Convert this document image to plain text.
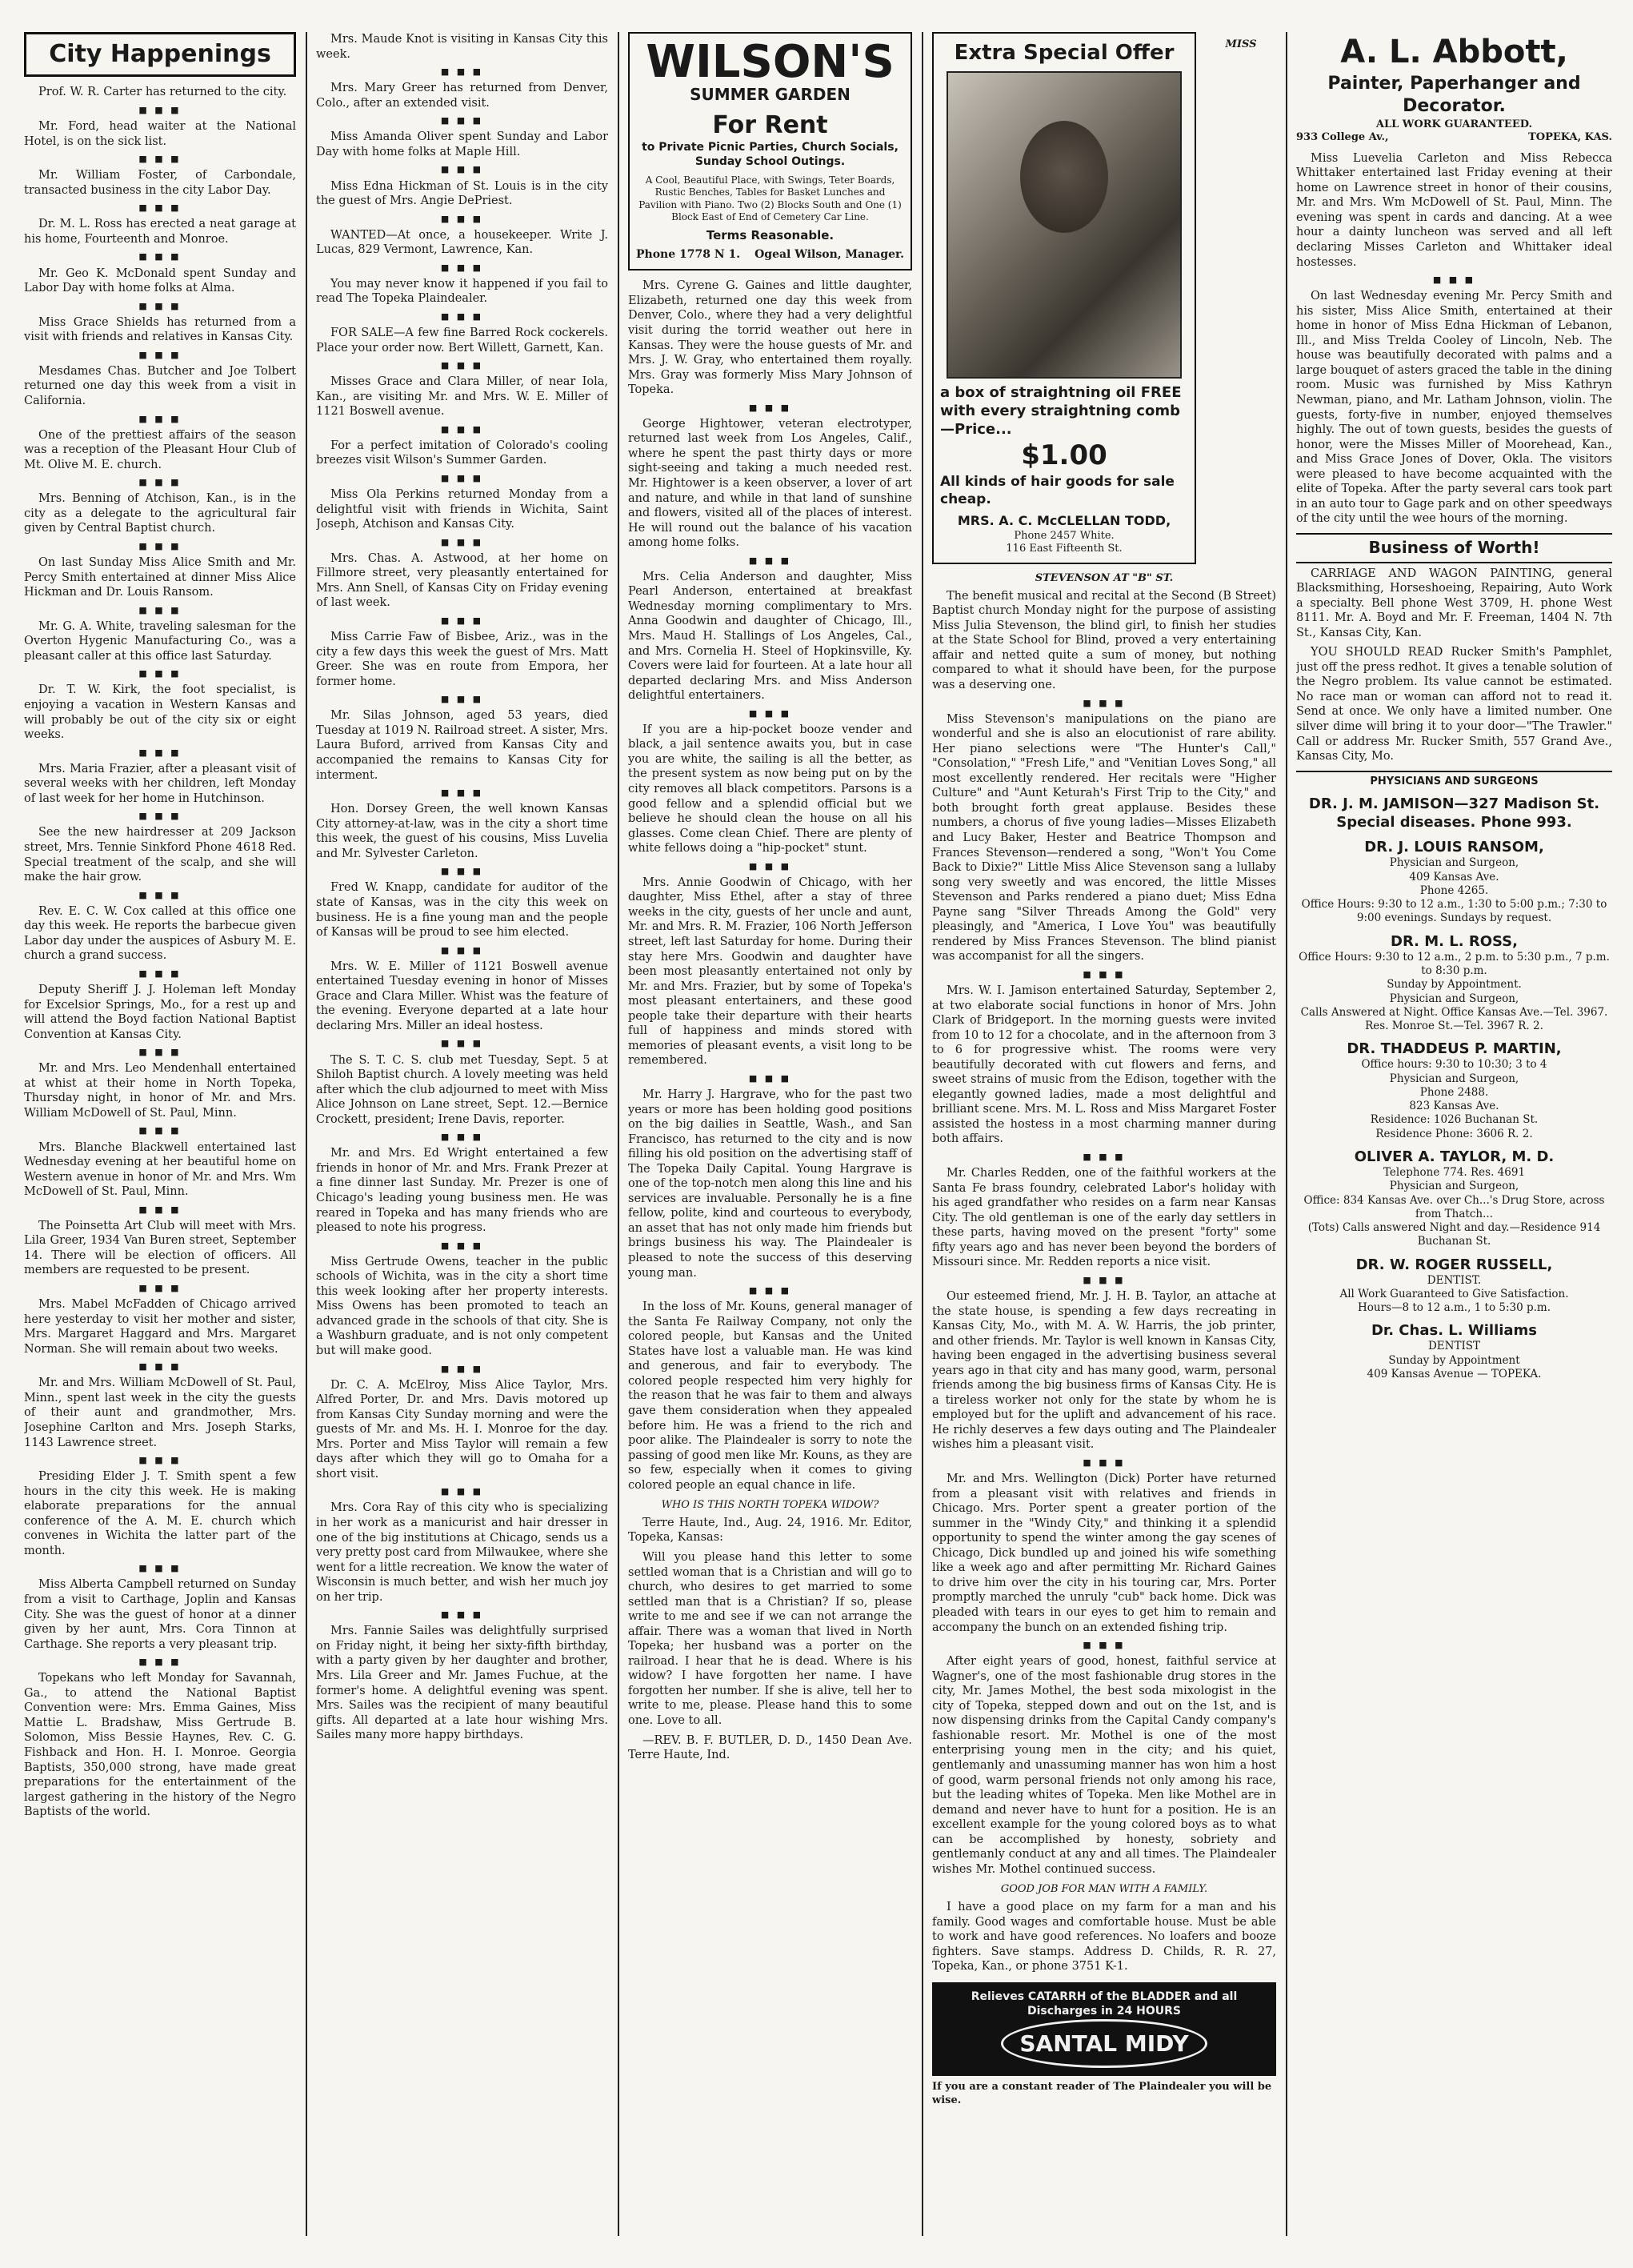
City Happenings

Prof. W. R. Carter has returned to the city.

■ ■ ■

Mr. Ford, head waiter at the National Hotel, is on the sick list.

■ ■ ■

Mr. William Foster, of Carbondale, transacted business in the city Labor Day.

■ ■ ■

Dr. M. L. Ross has erected a neat garage at his home, Fourteenth and Monroe.

■ ■ ■

Mr. Geo K. McDonald spent Sunday and Labor Day with home folks at Alma.

■ ■ ■

Miss Grace Shields has returned from a visit with friends and relatives in Kansas City.

■ ■ ■

Mesdames Chas. Butcher and Joe Tolbert returned one day this week from a visit in California.

■ ■ ■

One of the prettiest affairs of the season was a reception of the Pleasant Hour Club of Mt. Olive M. E. church.

■ ■ ■

Mrs. Benning of Atchison, Kan., is in the city as a delegate to the agricultural fair given by Central Baptist church.

■ ■ ■

On last Sunday Miss Alice Smith and Mr. Percy Smith entertained at dinner Miss Alice Hickman and Dr. Louis Ransom.

■ ■ ■

Mr. G. A. White, traveling salesman for the Overton Hygenic Manufacturing Co., was a pleasant caller at this office last Saturday.

■ ■ ■

Dr. T. W. Kirk, the foot specialist, is enjoying a vacation in Western Kansas and will probably be out of the city six or eight weeks.

■ ■ ■

Mrs. Maria Frazier, after a pleasant visit of several weeks with her children, left Monday of last week for her home in Hutchinson.

■ ■ ■

See the new hairdresser at 209 Jackson street, Mrs. Tennie Sinkford Phone 4618 Red. Special treatment of the scalp, and she will make the hair grow.

■ ■ ■

Rev. E. C. W. Cox called at this office one day this week. He reports the barbecue given Labor day under the auspices of Asbury M. E. church a grand success.

■ ■ ■

Deputy Sheriff J. J. Holeman left Monday for Excelsior Springs, Mo., for a rest up and will attend the Boyd faction National Baptist Convention at Kansas City.

■ ■ ■

Mr. and Mrs. Leo Mendenhall entertained at whist at their home in North Topeka, Thursday night, in honor of Mr. and Mrs. William McDowell of St. Paul, Minn.

■ ■ ■

Mrs. Blanche Blackwell entertained last Wednesday evening at her beautiful home on Western avenue in honor of Mr. and Mrs. Wm McDowell of St. Paul, Minn.

■ ■ ■

The Poinsetta Art Club will meet with Mrs. Lila Greer, 1934 Van Buren street, September 14. There will be election of officers. All members are requested to be present.

■ ■ ■

Mrs. Mabel McFadden of Chicago arrived here yesterday to visit her mother and sister, Mrs. Margaret Haggard and Mrs. Margaret Norman. She will remain about two weeks.

■ ■ ■

Mr. and Mrs. William McDowell of St. Paul, Minn., spent last week in the city the guests of their aunt and grandmother, Mrs. Josephine Carlton and Mrs. Joseph Starks, 1143 Lawrence street.

■ ■ ■

Presiding Elder J. T. Smith spent a few hours in the city this week. He is making elaborate preparations for the annual conference of the A. M. E. church which convenes in Wichita the latter part of the month.

■ ■ ■

Miss Alberta Campbell returned on Sunday from a visit to Carthage, Joplin and Kansas City. She was the guest of honor at a dinner given by her aunt, Mrs. Cora Tinnon at Carthage. She reports a very pleasant trip.

■ ■ ■

Topekans who left Monday for Savannah, Ga., to attend the National Baptist Convention were: Mrs. Emma Gaines, Miss Mattie L. Bradshaw, Miss Gertrude B. Solomon, Miss Bessie Haynes, Rev. C. G. Fishback and Hon. H. I. Monroe. Georgia Baptists, 350,000 strong, have made great preparations for the entertainment of the largest gathering in the history of the Negro Baptists of the world.

Mrs. Maude Knot is visiting in Kansas City this week.

■ ■ ■

Mrs. Mary Greer has returned from Denver, Colo., after an extended visit.

■ ■ ■

Miss Amanda Oliver spent Sunday and Labor Day with home folks at Maple Hill.

■ ■ ■

Miss Edna Hickman of St. Louis is in the city the guest of Mrs. Angie DePriest.

■ ■ ■

WANTED—At once, a housekeeper. Write J. Lucas, 829 Vermont, Lawrence, Kan.

■ ■ ■

You may never know it happened if you fail to read The Topeka Plaindealer.

■ ■ ■

FOR SALE—A few fine Barred Rock cockerels. Place your order now. Bert Willett, Garnett, Kan.

■ ■ ■

Misses Grace and Clara Miller, of near Iola, Kan., are visiting Mr. and Mrs. W. E. Miller of 1121 Boswell avenue.

■ ■ ■

For a perfect imitation of Colorado's cooling breezes visit Wilson's Summer Garden.

■ ■ ■

Miss Ola Perkins returned Monday from a delightful visit with friends in Wichita, Saint Joseph, Atchison and Kansas City.

■ ■ ■

Mrs. Chas. A. Astwood, at her home on Fillmore street, very pleasantly entertained for Mrs. Ann Snell, of Kansas City on Friday evening of last week.

■ ■ ■

Miss Carrie Faw of Bisbee, Ariz., was in the city a few days this week the guest of Mrs. Matt Greer. She was en route from Empora, her former home.

■ ■ ■

Mr. Silas Johnson, aged 53 years, died Tuesday at 1019 N. Railroad street. A sister, Mrs. Laura Buford, arrived from Kansas City and accompanied the remains to Kansas City for interment.

■ ■ ■

Hon. Dorsey Green, the well known Kansas City attorney-at-law, was in the city a short time this week, the guest of his cousins, Miss Luvelia and Mr. Sylvester Carleton.

■ ■ ■

Fred W. Knapp, candidate for auditor of the state of Kansas, was in the city this week on business. He is a fine young man and the people of Kansas will be proud to see him elected.

■ ■ ■

Mrs. W. E. Miller of 1121 Boswell avenue entertained Tuesday evening in honor of Misses Grace and Clara Miller. Whist was the feature of the evening. Everyone departed at a late hour declaring Mrs. Miller an ideal hostess.

■ ■ ■

The S. T. C. S. club met Tuesday, Sept. 5 at Shiloh Baptist church. A lovely meeting was held after which the club adjourned to meet with Miss Alice Johnson on Lane street, Sept. 12.—Bernice Crockett, president; Irene Davis, reporter.

■ ■ ■

Mr. and Mrs. Ed Wright entertained a few friends in honor of Mr. and Mrs. Frank Prezer at a fine dinner last Sunday. Mr. Prezer is one of Chicago's leading young business men. He was reared in Topeka and has many friends who are pleased to note his progress.

■ ■ ■

Miss Gertrude Owens, teacher in the public schools of Wichita, was in the city a short time this week looking after her property interests. Miss Owens has been promoted to teach an advanced grade in the schools of that city. She is a Washburn graduate, and is not only competent but will make good.

■ ■ ■

Dr. C. A. McElroy, Miss Alice Taylor, Mrs. Alfred Porter, Dr. and Mrs. Davis motored up from Kansas City Sunday morning and were the guests of Mr. and Ms. H. I. Monroe for the day. Mrs. Porter and Miss Taylor will remain a few days after which they will go to Omaha for a short visit.

■ ■ ■

Mrs. Cora Ray of this city who is specializing in her work as a manicurist and hair dresser in one of the big institutions at Chicago, sends us a very pretty post card from Milwaukee, where she went for a little recreation. We know the water of Wisconsin is much better, and wish her much joy on her trip.

■ ■ ■

Mrs. Fannie Sailes was delightfully surprised on Friday night, it being her sixty-fifth birthday, with a party given by her daughter and brother, Mrs. Lila Greer and Mr. James Fuchue, at the former's home. A delightful evening was spent. Mrs. Sailes was the recipient of many beautiful gifts. All departed at a late hour wishing Mrs. Sailes many more happy birthdays.

WILSON'S
SUMMER GARDEN
For Rent
to Private Picnic Parties, Church Socials, Sunday School Outings.
A Cool, Beautiful Place, with Swings, Teter Boards, Rustic Benches, Tables for Basket Lunches and Pavilion with Piano. Two (2) Blocks South and One (1) Block East of End of Cemetery Car Line.
Terms Reasonable.
Phone 1778 N 1. Ogeal Wilson, Manager.

Mrs. Cyrene G. Gaines and little daughter, Elizabeth, returned one day this week from Denver, Colo., where they had a very delightful visit during the torrid weather out here in Kansas. They were the house guests of Mr. and Mrs. J. W. Gray, who entertained them royally. Mrs. Gray was formerly Miss Mary Johnson of Topeka.

■ ■ ■

George Hightower, veteran electrotyper, returned last week from Los Angeles, Calif., where he spent the past thirty days or more sight-seeing and taking a much needed rest. Mr. Hightower is a keen observer, a lover of art and nature, and while in that land of sunshine and flowers, visited all of the places of interest. He will round out the balance of his vacation among home folks.

■ ■ ■

Mrs. Celia Anderson and daughter, Miss Pearl Anderson, entertained at breakfast Wednesday morning complimentary to Mrs. Anna Goodwin and daughter of Chicago, Ill., Mrs. Maud H. Stallings of Los Angeles, Cal., and Mrs. Cornelia H. Steel of Hopkinsville, Ky. Covers were laid for fourteen. At a late hour all departed declaring Mrs. and Miss Anderson delightful entertainers.

■ ■ ■

If you are a hip-pocket booze vender and black, a jail sentence awaits you, but in case you are white, the sailing is all the better, as the present system as now being put on by the city removes all black competitors. Parsons is a good fellow and a splendid official but we believe he should clean the house on all his glasses. Come clean Chief. There are plenty of white fellows doing a "hip-pocket" stunt.

■ ■ ■

Mrs. Annie Goodwin of Chicago, with her daughter, Miss Ethel, after a stay of three weeks in the city, guests of her uncle and aunt, Mr. and Mrs. R. M. Frazier, 106 North Jefferson street, left last Saturday for home. During their stay here Mrs. Goodwin and daughter have been most pleasantly entertained not only by Mr. and Mrs. Frazier, but by some of Topeka's most pleasant entertainers, and these good people take their departure with their hearts full of happiness and minds stored with memories of pleasant events, a visit long to be remembered.

■ ■ ■

Mr. Harry J. Hargrave, who for the past two years or more has been holding good positions on the big dailies in Seattle, Wash., and San Francisco, has returned to the city and is now filling his old position on the advertising staff of The Topeka Daily Capital. Young Hargrave is one of the top-notch men along this line and his services are invaluable. Personally he is a fine fellow, polite, kind and courteous to everybody, an asset that has not only made him friends but brings business his way. The Plaindealer is pleased to note the success of this deserving young man.

■ ■ ■

In the loss of Mr. Kouns, general manager of the Santa Fe Railway Company, not only the colored people, but Kansas and the United States have lost a valuable man. He was kind and generous, and fair to everybody. The colored people respected him very highly for the reason that he was fair to them and always gave them consideration when they appealed before him. He was a friend to the rich and poor alike. The Plaindealer is sorry to note the passing of good men like Mr. Kouns, as they are so few, especially when it comes to giving colored people an equal chance in life.

WHO IS THIS NORTH TOPEKA WIDOW?

Terre Haute, Ind., Aug. 24, 1916. Mr. Editor, Topeka, Kansas:

Will you please hand this letter to some settled woman that is a Christian and will go to church, who desires to get married to some settled man that is a Christian? If so, please write to me and see if we can not arrange the affair. There was a woman that lived in North Topeka; her husband was a porter on the railroad. I hear that he is dead. Where is his widow? I have forgotten her name. I have forgotten her number. If she is alive, tell her to write to me, please. Please hand this to some one. Love to all.

—REV. B. F. BUTLER, D. D., 1450 Dean Ave. Terre Haute, Ind.

Extra Special Offer
a box of straightning oil FREE with every straightning comb—Price...
$1.00
All kinds of hair goods for sale cheap.
MRS. A. C. McCLELLAN TODD,
Phone 2457 White.
116 East Fifteenth St.
MISS STEVENSON AT "B" ST.

The benefit musical and recital at the Second (B Street) Baptist church Monday night for the purpose of assisting Miss Julia Stevenson, the blind girl, to finish her studies at the State School for Blind, proved a very entertaining affair and netted quite a sum of money, but nothing compared to what it should have been, for the purpose was a deserving one.

■ ■ ■

Miss Stevenson's manipulations on the piano are wonderful and she is also an elocutionist of rare ability. Her piano selections were "The Hunter's Call," "Consolation," "Fresh Life," and "Venitian Loves Song," all most excellently rendered. Her recitals were "Higher Culture" and "Aunt Keturah's First Trip to the City," and both brought forth great applause. Besides these numbers, a chorus of five young ladies—Misses Elizabeth and Lucy Baker, Hester and Beatrice Thompson and Frances Stevenson—rendered a song, "Won't You Come Back to Dixie?" Little Miss Alice Stevenson sang a lullaby song very sweetly and was encored, the little Misses Stevenson and Parks rendered a piano duet; Miss Edna Payne sang "Silver Threads Among the Gold" very pleasingly, and "America, I Love You" was beautifully rendered by Miss Frances Stevenson. The blind pianist was accompanist for all the singers.

■ ■ ■

Mrs. W. I. Jamison entertained Saturday, September 2, at two elaborate social functions in honor of Mrs. John Clark of Bridgeport. In the morning guests were invited from 10 to 12 for a chocolate, and in the afternoon from 3 to 6 for progressive whist. The rooms were very beautifully decorated with cut flowers and ferns, and sweet strains of music from the Edison, together with the elegantly gowned ladies, made a most delightful and brilliant scene. Mrs. M. L. Ross and Miss Margaret Foster assisted the hostess in a most charming manner during both affairs.

■ ■ ■

Mr. Charles Redden, one of the faithful workers at the Santa Fe brass foundry, celebrated Labor's holiday with his aged grandfather who resides on a farm near Kansas City. The old gentleman is one of the early day settlers in these parts, having moved on the present "forty" some fifty years ago and has never been beyond the borders of Missouri since. Mr. Redden reports a nice visit.

■ ■ ■

Our esteemed friend, Mr. J. H. B. Taylor, an attache at the state house, is spending a few days recreating in Kansas City, Mo., with M. A. W. Harris, the job printer, and other friends. Mr. Taylor is well known in Kansas City, having been engaged in the advertising business several years ago in that city and has many good, warm, personal friends among the big business firms of Kansas City. He is a tireless worker not only for the state by whom he is employed but for the uplift and advancement of his race. He richly deserves a few days outing and The Plaindealer wishes him a pleasant visit.

■ ■ ■

Mr. and Mrs. Wellington (Dick) Porter have returned from a pleasant visit with relatives and friends in Chicago. Mrs. Porter spent a greater portion of the summer in the "Windy City," and thinking it a splendid opportunity to spend the winter among the gay scenes of Chicago, Dick bundled up and joined his wife something like a week ago and after permitting Mr. Richard Gaines to drive him over the city in his touring car, Mrs. Porter promptly marched the unruly "cub" back home. Dick was pleaded with tears in our eyes to get him to remain and accompany the bunch on an extended fishing trip.

■ ■ ■

After eight years of good, honest, faithful service at Wagner's, one of the most fashionable drug stores in the city, Mr. James Mothel, the best soda mixologist in the city of Topeka, stepped down and out on the 1st, and is now dispensing drinks from the Capital Candy company's fashionable resort. Mr. Mothel is one of the most enterprising young men in the city; and his quiet, gentlemanly and unassuming manner has won him a host of good, warm personal friends not only among his race, but the leading whites of Topeka. Men like Mothel are in demand and never have to hunt for a position. He is an excellent example for the young colored boys as to what can be accomplished by honesty, sobriety and gentlemanly conduct at any and all times. The Plaindealer wishes Mr. Mothel continued success.

GOOD JOB FOR MAN WITH A FAMILY.

I have a good place on my farm for a man and his family. Good wages and comfortable house. Must be able to work and have good references. No loafers and booze fighters. Save stamps. Address D. Childs, R. R. 27, Topeka, Kan., or phone 3751 K-1.

Relieves CATARRH of the BLADDER and all Discharges in 24 HOURS
SANTAL MIDY
If you are a constant reader of The Plaindealer you will be wise.
A. L. Abbott,
Painter, Paperhanger and Decorator.
ALL WORK GUARANTEED.
933 College Av.,	TOPEKA, KAS.

Miss Luevelia Carleton and Miss Rebecca Whittaker entertained last Friday evening at their home on Lawrence street in honor of their cousins, Mr. and Mrs. Wm McDowell of St. Paul, Minn. The evening was spent in cards and dancing. At a wee hour a dainty luncheon was served and all left declaring Misses Carleton and Whittaker ideal hostesses.

■ ■ ■

On last Wednesday evening Mr. Percy Smith and his sister, Miss Alice Smith, entertained at their home in honor of Miss Edna Hickman of Lebanon, Ill., and Miss Trelda Cooley of Lincoln, Neb. The house was beautifully decorated with palms and a large bouquet of asters graced the table in the dining room. Music was furnished by Miss Kathryn Newman, piano, and Mr. Latham Johnson, violin. The guests, forty-five in number, enjoyed themselves highly. The out of town guests, besides the guests of honor, were the Misses Miller of Moorehead, Kan., and Miss Grace Jones of Dover, Okla. The visitors were pleased to have become acquainted with the elite of Topeka. After the party several cars took part in an auto tour to Gage park and on other speedways of the city until the wee hours of the morning.

Business of Worth!

CARRIAGE AND WAGON PAINTING, general Blacksmithing, Horseshoeing, Repairing, Auto Work a specialty. Bell phone West 3709, H. phone West 8111. Mr. A. Boyd and Mr. F. Freeman, 1404 N. 7th St., Kansas City, Kan.

YOU SHOULD READ Rucker Smith's Pamphlet, just off the press redhot. It gives a tenable solution of the Negro problem. Its value cannot be estimated. No race man or woman can afford not to read it. Send at once. We only have a limited number. One silver dime will bring it to your door—"The Trawler." Call or address Mr. Rucker Smith, 557 Grand Ave., Kansas City, Mo.

PHYSICIANS AND SURGEONS
DR. J. M. JAMISON—327 Madison St. Special diseases. Phone 993.
DR. J. LOUIS RANSOM,
Physician and Surgeon,
409 Kansas Ave.
Phone 4265.
Office Hours: 9:30 to 12 a.m., 1:30 to 5:00 p.m.; 7:30 to 9:00 evenings. Sundays by request.
DR. M. L. ROSS,
Office Hours: 9:30 to 12 a.m., 2 p.m. to 5:30 p.m., 7 p.m. to 8:30 p.m.
Sunday by Appointment.
Physician and Surgeon,
Calls Answered at Night. Office Kansas Ave.—Tel. 3967. Res. Monroe St.—Tel. 3967 R. 2.
DR. THADDEUS P. MARTIN,
Office hours: 9:30 to 10:30; 3 to 4
Physician and Surgeon,
Phone 2488.
823 Kansas Ave.
Residence: 1026 Buchanan St.
Residence Phone: 3606 R. 2.
OLIVER A. TAYLOR, M. D.
Telephone 774. Res. 4691
Physician and Surgeon,
Office: 834 Kansas Ave. over Ch...'s Drug Store, across from Thatch...
(Tots) Calls answered Night and day.—Residence 914 Buchanan St.
DR. W. ROGER RUSSELL,
DENTIST.
All Work Guaranteed to Give Satisfaction.
Hours—8 to 12 a.m., 1 to 5:30 p.m.
Dr. Chas. L. Williams
DENTIST
Sunday by Appointment
409 Kansas Avenue — TOPEKA.
